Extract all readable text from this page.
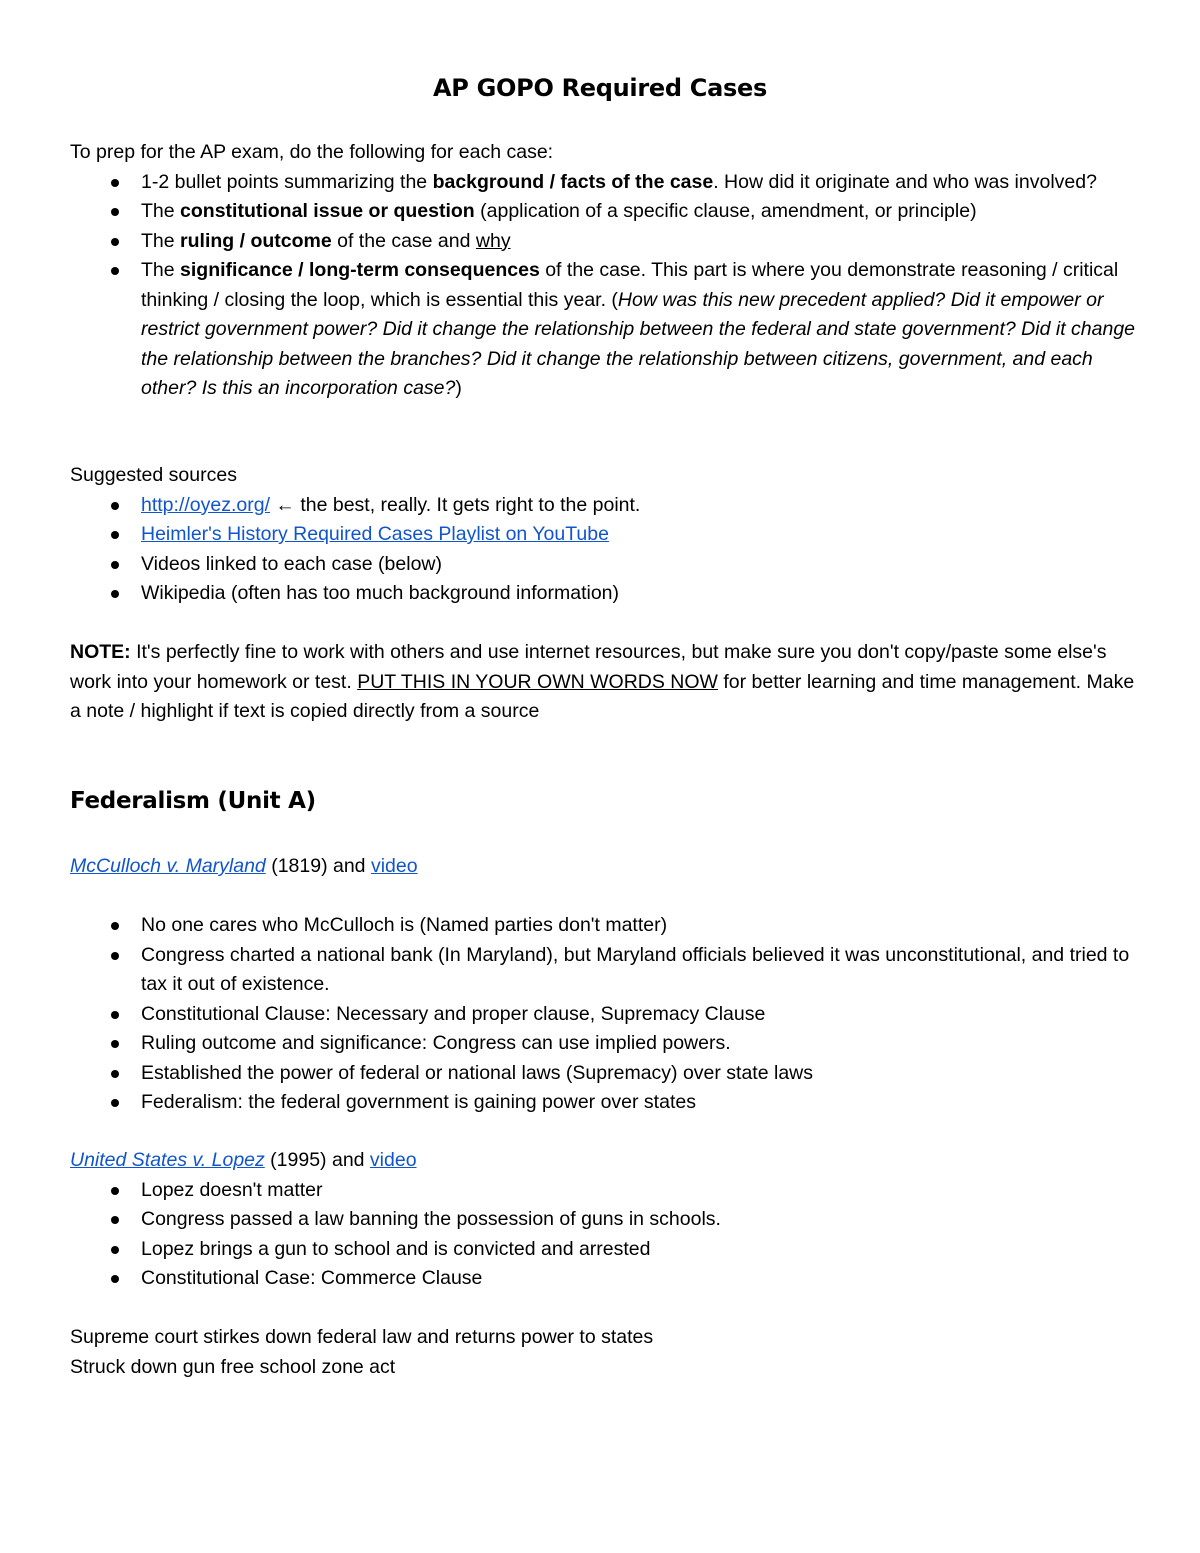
AP GOPO Required Cases
To prep for the AP exam, do the following for each case:
1-2 bullet points summarizing the background / facts of the case. How did it originate and who was involved?
The constitutional issue or question (application of a specific clause, amendment, or principle)
The ruling / outcome of the case and why
The significance / long-term consequences of the case. This part is where you demonstrate reasoning / critical thinking / closing the loop, which is essential this year. (How was this new precedent applied? Did it empower or restrict government power? Did it change the relationship between the federal and state government? Did it change the relationship between the branches? Did it change the relationship between citizens, government, and each other? Is this an incorporation case?)
Suggested sources
http://oyez.org/ ← the best, really. It gets right to the point.
Heimler's History Required Cases Playlist on YouTube
Videos linked to each case (below)
Wikipedia (often has too much background information)
NOTE: It's perfectly fine to work with others and use internet resources, but make sure you don't copy/paste some else's work into your homework or test. PUT THIS IN YOUR OWN WORDS NOW for better learning and time management. Make a note / highlight if text is copied directly from a source
Federalism (Unit A)
McCulloch v. Maryland (1819) and video
No one cares who McCulloch is (Named parties don't matter)
Congress charted a national bank (In Maryland), but Maryland officials believed it was unconstitutional, and tried to tax it out of existence.
Constitutional Clause: Necessary and proper clause, Supremacy Clause
Ruling outcome and significance: Congress can use implied powers.
Established the power of federal or national laws (Supremacy) over state laws
Federalism: the federal government is gaining power over states
United States v. Lopez (1995) and video
Lopez doesn't matter
Congress passed a law banning the possession of guns in schools.
Lopez brings a gun to school and is convicted and arrested
Constitutional Case: Commerce Clause
Supreme court stirkes down federal law and returns power to states
Struck down gun free school zone act
